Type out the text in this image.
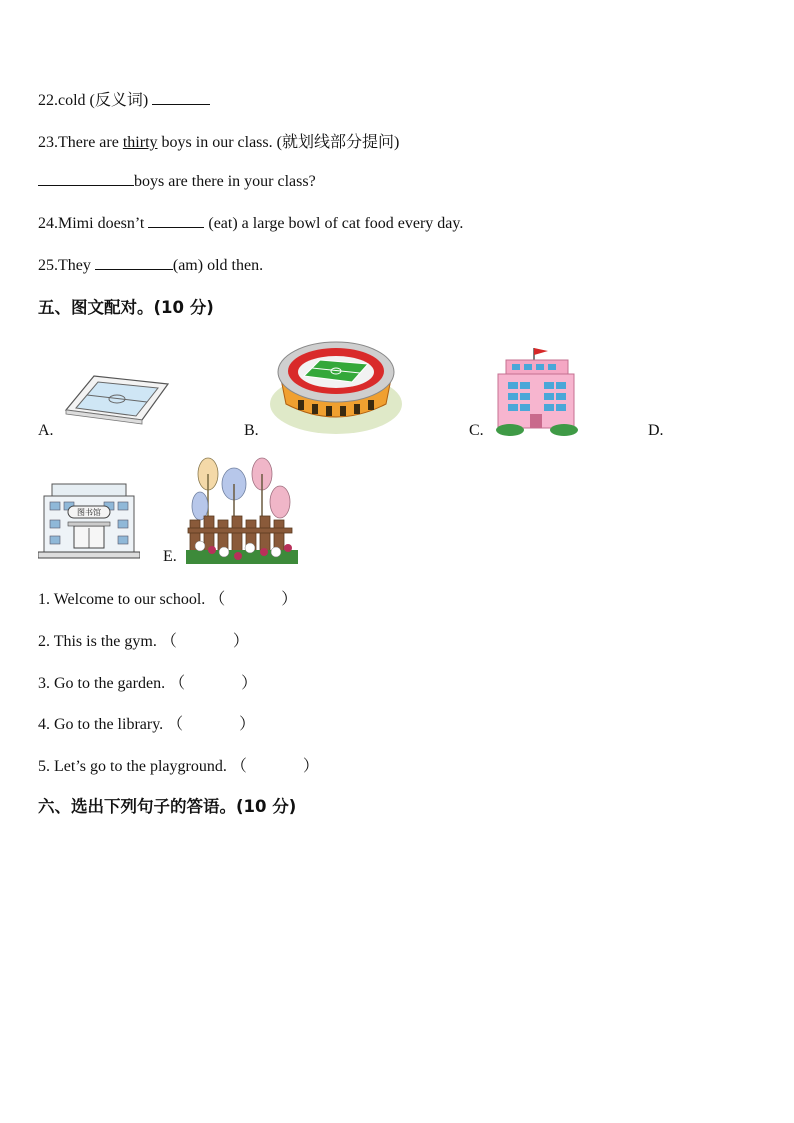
22.cold (反义词)
23.There are thirty boys in our class. (就划线部分提问)
boys are there in your class?
24.Mimi doesn’t	(eat) a large bowl of cat food every day.
25.They	(am) old then.
五、图文配对。(10 分)
A.	B.	C.	D.
图书馆
E.
1. Welcome to our school. （	）
2. This is the gym. （	）
3. Go to the garden. （	）
4. Go to the library. （	）
5. Let’s go to the playground. （	）
六、选出下列句子的答语。(10 分)
